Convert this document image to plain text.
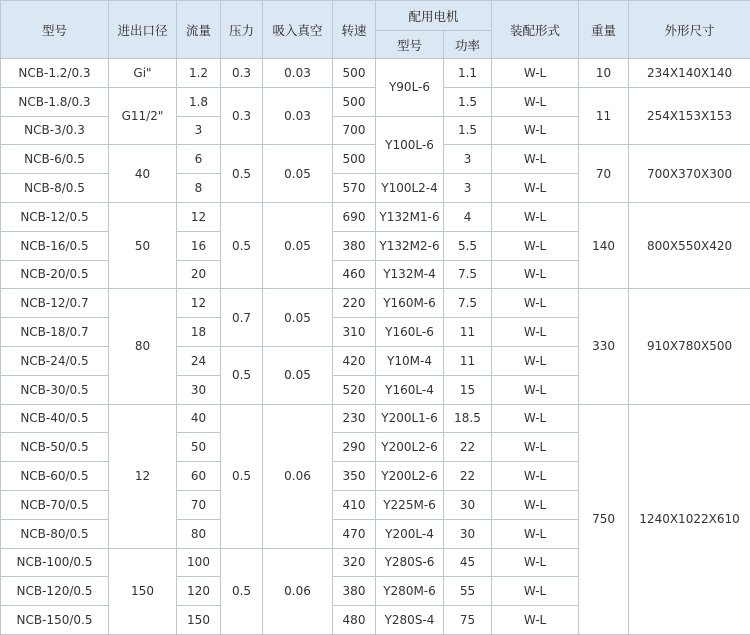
型号	进出口径	流量	压力	吸入真空	转速	配用电机		装配形式	重量	外形尺寸
						型号	功率			
NCB-1.2/0.3	Gi"	1.2	0.3	0.03	500	Y90L-6	1.1	W-L	10	234X140X140
NCB-1.8/0.3	G11/2"	1.8	0.3	0.03	500		1.5	W-L	11	254X153X153
NCB-3/0.3		3			700	Y100L-6	1.5	W-L		
NCB-6/0.5	40	6	0.5	0.05	500		3	W-L	70	700X370X300
NCB-8/0.5		8			570	Y100L2-4	3	W-L		
NCB-12/0.5	50	12	0.5	0.05	690	Y132M1-6	4	W-L	140	800X550X420
NCB-16/0.5		16			380	Y132M2-6	5.5	W-L		
NCB-20/0.5		20			460	Y132M-4	7.5	W-L		
NCB-12/0.7	80	12	0.7	0.05	220	Y160M-6	7.5	W-L	330	910X780X500
NCB-18/0.7		18			310	Y160L-6	11	W-L		
NCB-24/0.5		24	0.5	0.05	420	Y10M-4	11	W-L		
NCB-30/0.5		30			520	Y160L-4	15	W-L		
NCB-40/0.5	12	40	0.5	0.06	230	Y200L1-6	18.5	W-L	750	1240X1022X610
NCB-50/0.5		50			290	Y200L2-6	22	W-L		
NCB-60/0.5		60			350	Y200L2-6	22	W-L		
NCB-70/0.5		70			410	Y225M-6	30	W-L		
NCB-80/0.5		80			470	Y200L-4	30	W-L		
NCB-100/0.5	150	100	0.5	0.06	320	Y280S-6	45	W-L		
NCB-120/0.5		120			380	Y280M-6	55	W-L		
NCB-150/0.5		150			480	Y280S-4	75	W-L		
